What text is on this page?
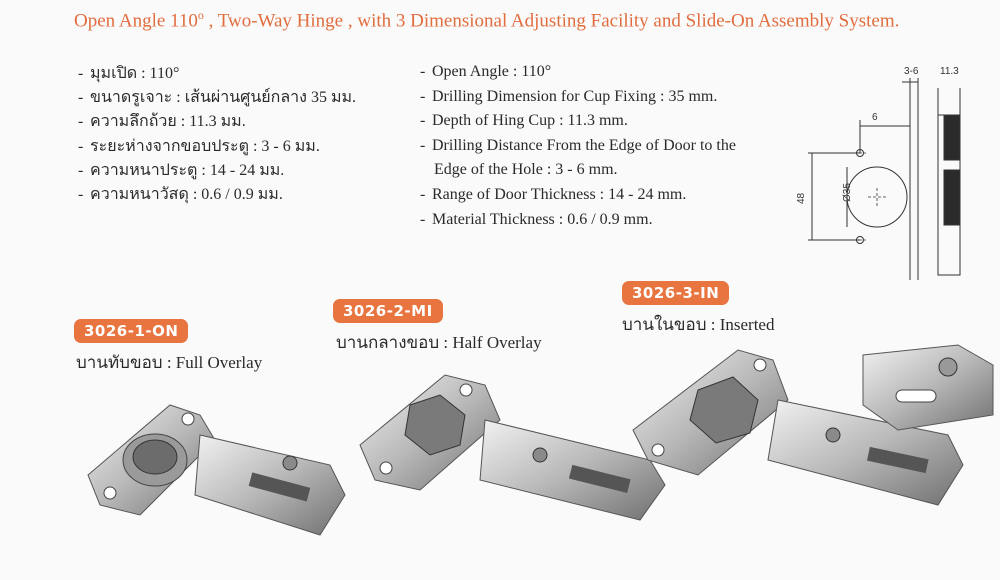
Open Angle 110$^o$ , Two-Way Hinge , with 3 Dimensional Adjusting Facility and Slide-On Assembly System.
- มุมเปิด : 110°
- ขนาดรูเจาะ : เส้นผ่านศูนย์กลาง 35 มม.
- ความลึกถ้วย : 11.3 มม.
- ระยะห่างจากขอบประตู : 3 - 6 มม.
- ความหนาประตู : 14 - 24 มม.
- ความหนาวัสดุ : 0.6 / 0.9 มม.
- Open Angle : 110°
- Drilling Dimension for Cup Fixing : 35 mm.
- Depth of Hing Cup : 11.3 mm.
- Drilling Distance From the Edge of Door to the
Edge of the Hole : 3 - 6 mm.
- Range of Door Thickness : 14 - 24 mm.
- Material Thickness : 0.6 / 0.9 mm.
3-6 11.3
6
48	Ø35
3026-1-ON
บานทับขอบ : Full Overlay
3026-2-MI
บานกลางขอบ : Half Overlay
3026-3-IN
บานในขอบ : Inserted
